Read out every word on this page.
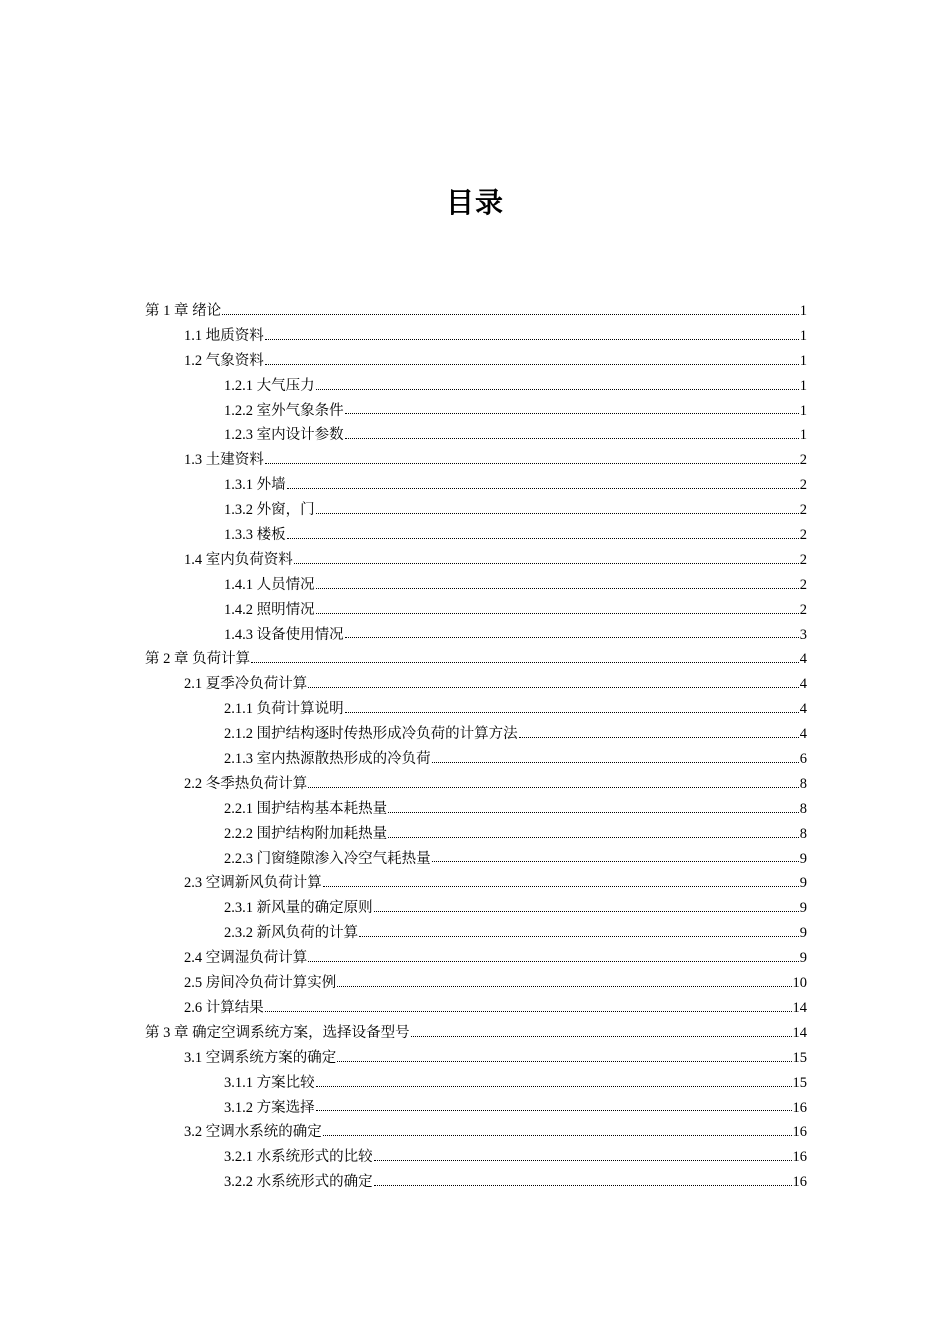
目录
第 1 章 绪论	1
1.1 地质资料	1
1.2 气象资料	1
1.2.1 大气压力	1
1.2.2 室外气象条件	1
1.2.3 室内设计参数	1
1.3 土建资料	2
1.3.1 外墙	2
1.3.2 外窗，门	2
1.3.3 楼板	2
1.4 室内负荷资料	2
1.4.1 人员情况	2
1.4.2 照明情况	2
1.4.3 设备使用情况	3
第 2 章 负荷计算	4
2.1 夏季冷负荷计算	4
2.1.1 负荷计算说明	4
2.1.2 围护结构逐时传热形成冷负荷的计算方法	4
2.1.3 室内热源散热形成的冷负荷	6
2.2 冬季热负荷计算	8
2.2.1 围护结构基本耗热量	8
2.2.2 围护结构附加耗热量	8
2.2.3 门窗缝隙渗入冷空气耗热量	9
2.3 空调新风负荷计算	9
2.3.1 新风量的确定原则	9
2.3.2 新风负荷的计算	9
2.4 空调湿负荷计算	9
2.5 房间冷负荷计算实例	10
2.6 计算结果	14
第 3 章 确定空调系统方案，选择设备型号	14
3.1 空调系统方案的确定	15
3.1.1 方案比较	15
3.1.2 方案选择	16
3.2 空调水系统的确定	16
3.2.1 水系统形式的比较	16
3.2.2 水系统形式的确定	16
